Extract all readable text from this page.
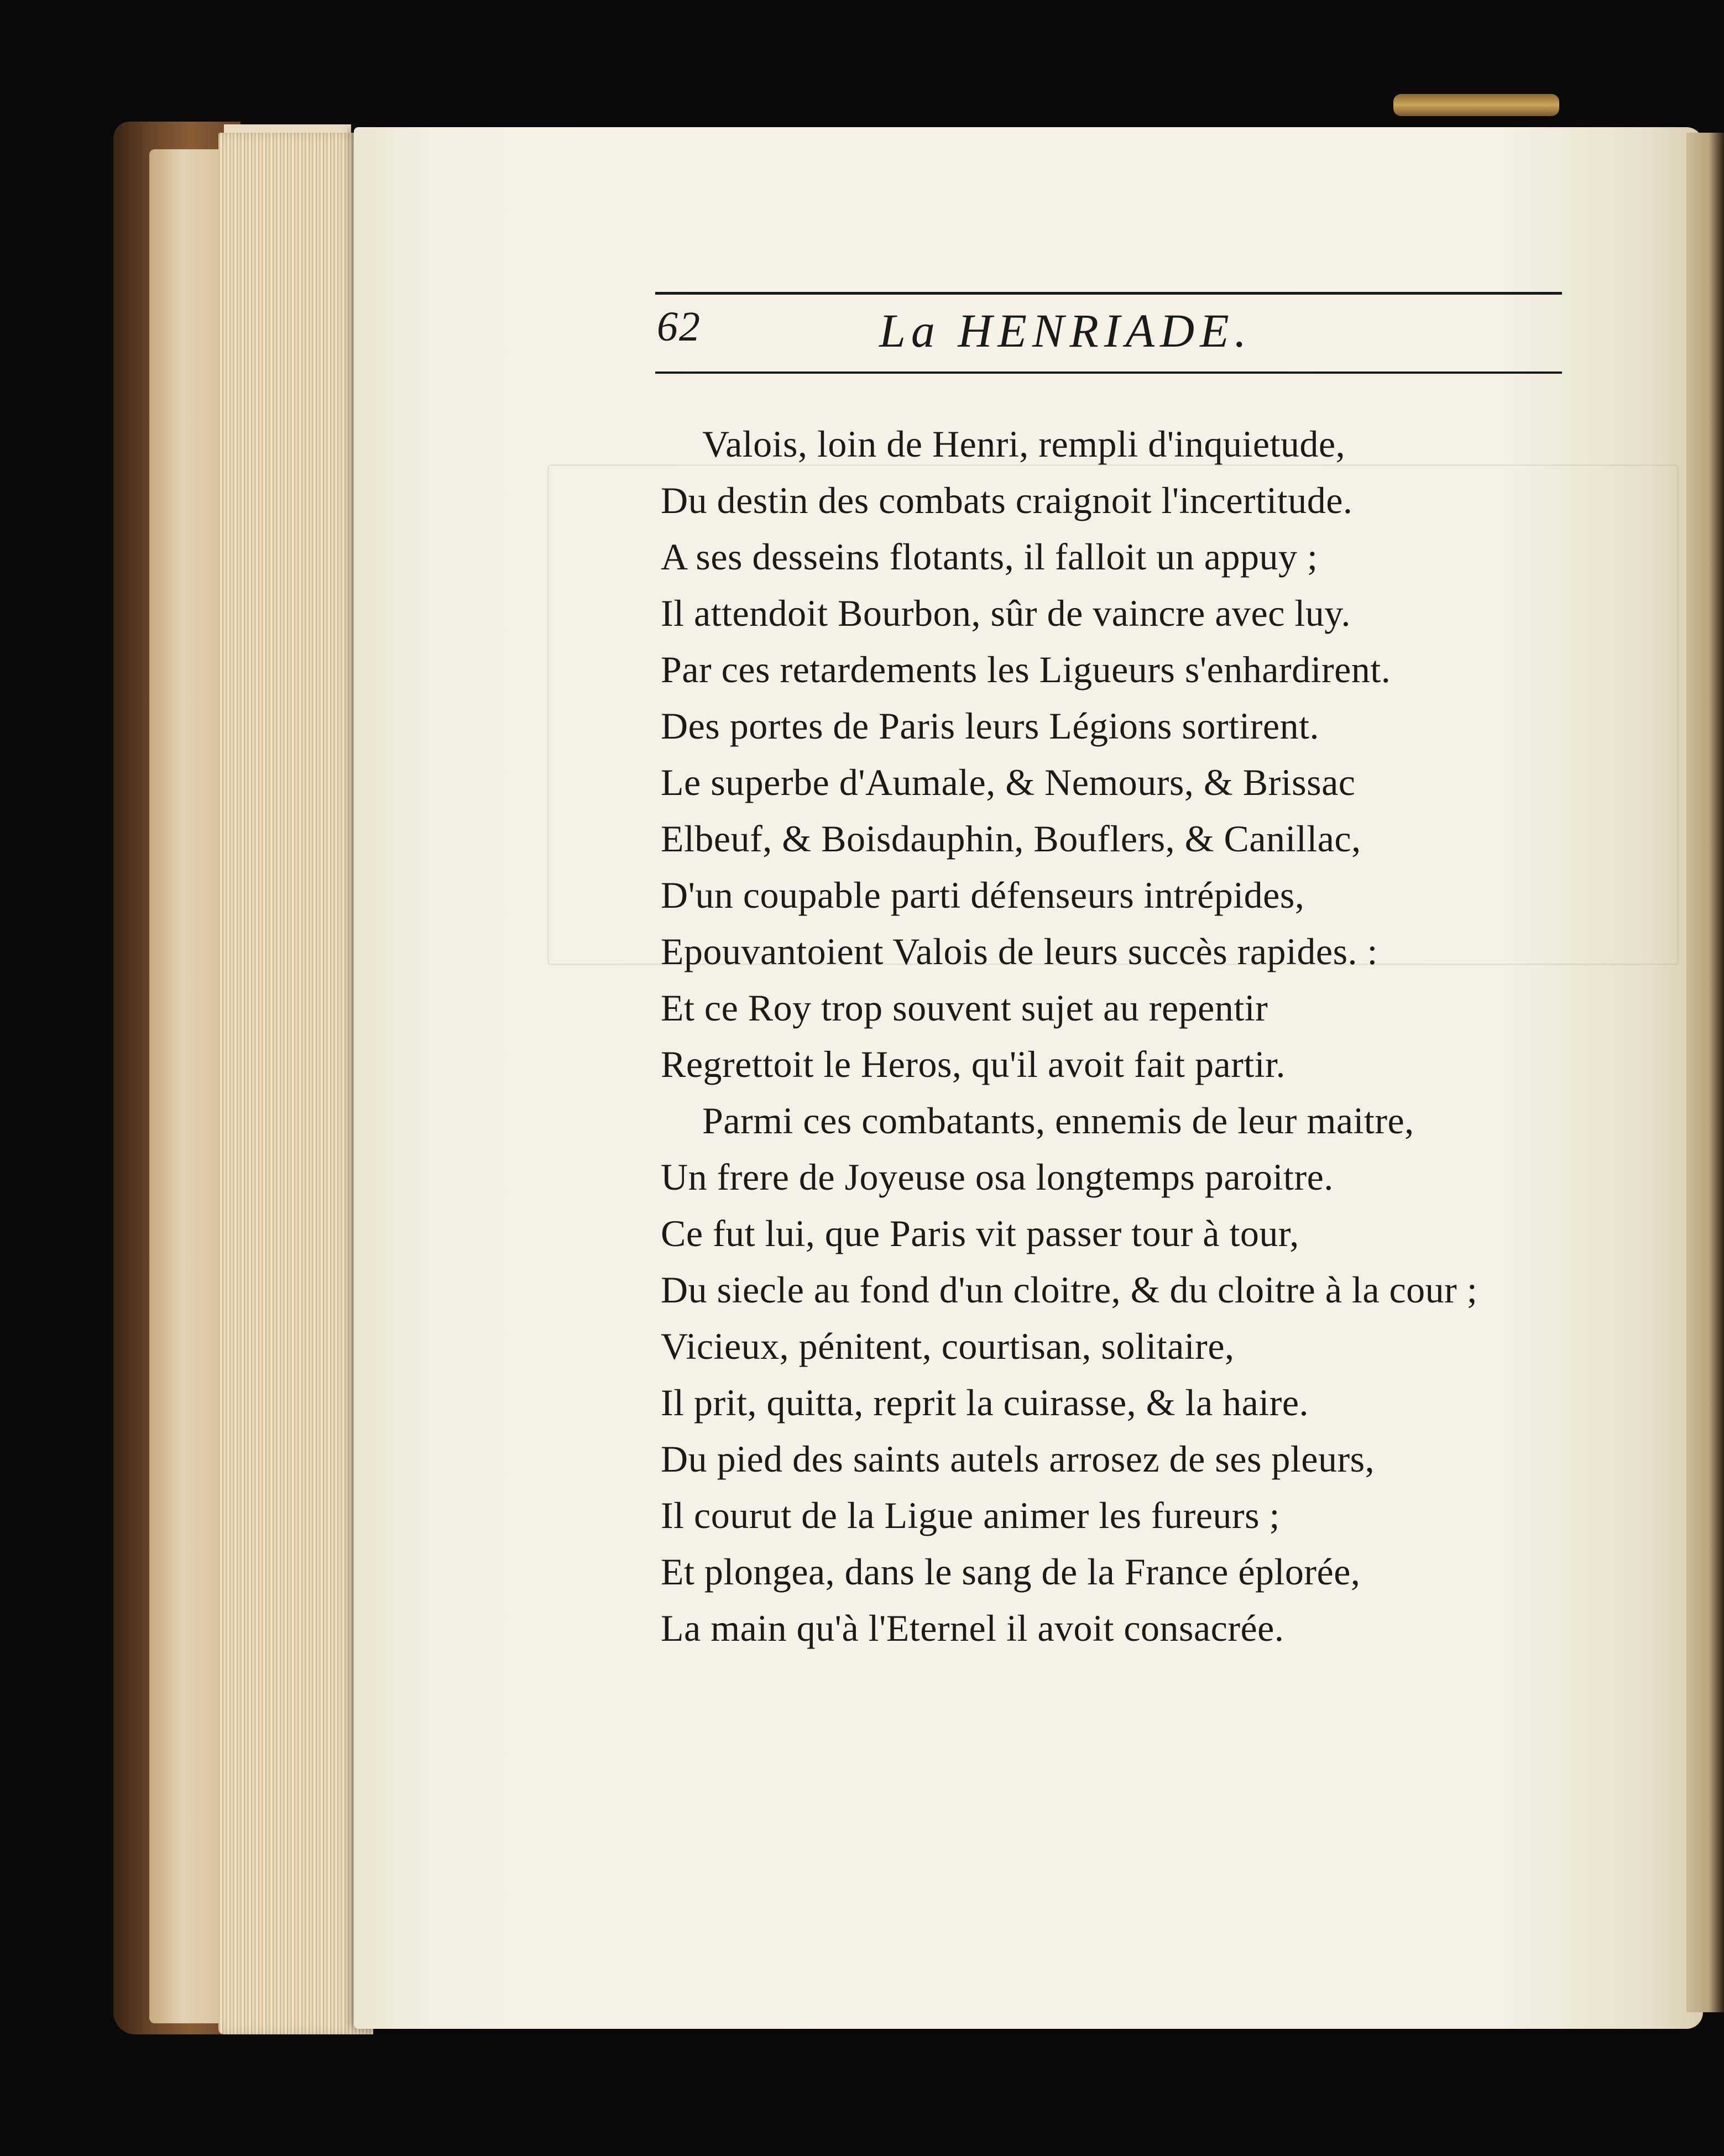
62	La HENRIADE.
Valois, loin de Henri, rempli d'inquietude,
Du destin des combats craignoit l'incertitude.
A ses desseins flotants, il falloit un appuy ;
Il attendoit Bourbon, sûr de vaincre avec luy.
Par ces retardements les Ligueurs s'enhardirent.
Des portes de Paris leurs Légions sortirent.
Le superbe d'Aumale, & Nemours, & Brissac
Elbeuf, & Boisdauphin, Bouflers, & Canillac,
D'un coupable parti défenseurs intrépides,
Epouvantoient Valois de leurs succès rapides. :
Et ce Roy trop souvent sujet au repentir
Regrettoit le Heros, qu'il avoit fait partir.
Parmi ces combatants, ennemis de leur maitre,
Un frere de Joyeuse osa longtemps paroitre.
Ce fut lui, que Paris vit passer tour à tour,
Du siecle au fond d'un cloitre, & du cloitre à la cour ;
Vicieux, pénitent, courtisan, solitaire,
Il prit, quitta, reprit la cuirasse, & la haire.
Du pied des saints autels arrosez de ses pleurs,
Il courut de la Ligue animer les fureurs ;
Et plongea, dans le sang de la France éplorée,
La main qu'à l'Eternel il avoit consacrée.
